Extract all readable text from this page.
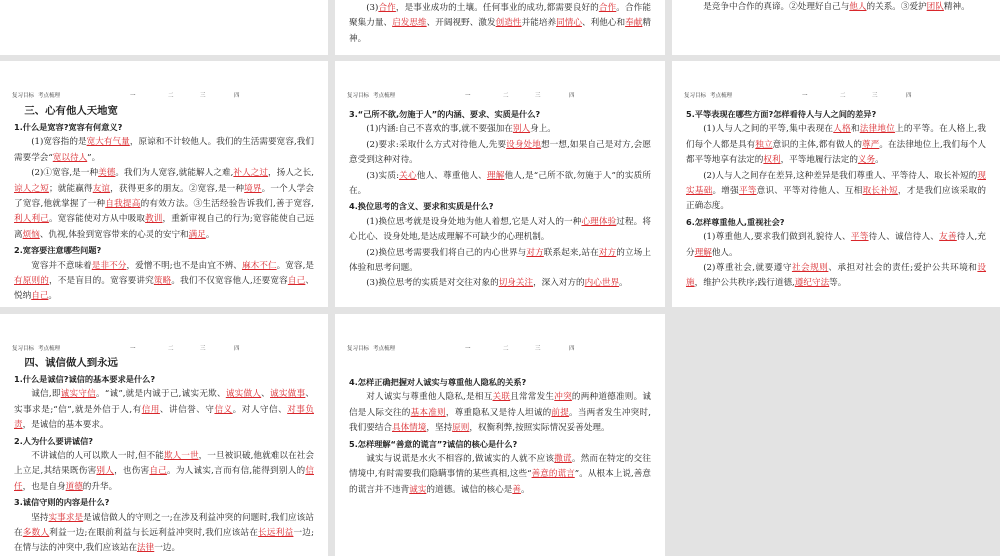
(3)合作，是事业成功的土壤。任何事业的成功,都需要良好的合作。合作能聚集力量、启发思维、开阔视野、激发创造性并能培养同情心、利他心和奉献精神。

是竞争中合作的真谛。②处理好自己与他人的关系。③爱护团队精神。

复习目标 考点梳理	一	二	三	四

三、心有他人天地宽

1.什么是宽容?宽容有何意义?

(1)宽容指的是宽大有气量，原谅和不计较他人。我们的生活需要宽容,我们需要学会“宽以待人”。

(2)①宽容,是一种美德。我们为人宽容,就能解人之难,补人之过，扬人之长,谅人之短；就能赢得友谊，获得更多的朋友。②宽容,是一种境界。一个人学会了宽容,他就掌握了一种自我提高的有效方法。③生活经验告诉我们,善于宽容,利人利己。宽容能使对方从中吸取教训，重新审视自己的行为;宽容能使自己远离烦恼、仇视,体验到宽容带来的心灵的安宁和满足。

2.宽容要注意哪些问题?

宽容并不意味着是非不分，爱憎不明;也不是由宜不辨、麻木不仁。宽容,是有原则的，不是盲目的。宽容要讲究策略。我们不仅宽容他人,还要宽容自己、悦纳自己。

复习目标 考点梳理	一	二	三	四

3.“己所不欲,勿施于人”的内涵、要求、实质是什么?

(1)内涵:自己不喜欢的事,就不要强加在别人身上。

(2)要求:采取什么方式对待他人,先要设身处地想一想,如果自己是对方,会愿意受到这种对待。

(3)实质:关心他人、尊重他人、理解他人,是“己所不欲,勿施于人”的实质所在。

4.换位思考的含义、要求和实质是什么?

(1)换位思考就是设身处地为他人着想,它是人对人的一种心理体验过程。将心比心、设身处地,是达成理解不可缺少的心理机制。

(2)换位思考需要我们将自己的内心世界与对方联系起来,站在对方的立场上体验和思考问题。

(3)换位思考的实质是对交往对象的切身关注，深入对方的内心世界。

复习目标 考点梳理	一	二	三	四

5.平等表现在哪些方面?怎样看待人与人之间的差异?

(1)人与人之间的平等,集中表现在人格和法律地位上的平等。在人格上,我们每个人都是具有独立意识的主体,都有做人的尊严。在法律地位上,我们每个人都平等地享有法定的权利，平等地履行法定的义务。

(2)人与人之间存在差异,这种差异是我们尊重人、平等待人、取长补短的现实基础。增强平等意识、平等对待他人、互相取长补短，才是我们应该采取的正确态度。

6.怎样尊重他人,重视社会?

(1)尊重他人,要求我们做到礼貌待人、平等待人、诚信待人、友善待人,充分理解他人。

(2)尊重社会,就要遵守社会规则、承担对社会的责任;爱护公共环境和设施，维护公共秩序;践行道德,遵纪守法等。

复习目标 考点梳理	一	二	三	四

四、诚信做人到永远

1.什么是诚信?诚信的基本要求是什么?

诚信,即诚实守信。“诚”,就是内诚于己,诚实无欺、诚实做人、诚实做事、实事求是;“信”,就是外信于人,有信用、讲信誉、守信义。对人守信、对事负责，是诚信的基本要求。

2.人为什么要讲诚信?

不讲诚信的人可以欺人一时,但不能欺人一世，一旦被识破,他就难以在社会上立足,其结果既伤害别人，也伤害自己。为人诚实,言而有信,能得到别人的信任，也是自身道德的升华。

3.诚信守则的内容是什么?

坚持实事求是是诚信做人的守则之一;在涉及利益冲突的问题时,我们应该站在多数人利益一边;在眼前利益与长远利益冲突时,我们应该站在长远利益一边;在情与法的冲突中,我们应该站在法律一边。

复习目标 考点梳理	一	二	三	四

4.怎样正确把握对人诚实与尊重他人隐私的关系?

对人诚实与尊重他人隐私,是相互关联且常常发生冲突的两种道德准则。诚信是人际交往的基本准则，尊重隐私又是待人坦诚的前提。当两者发生冲突时,我们要结合具体情境，坚持原则，权衡利弊,按照实际情况妥善处理。

5.怎样理解“善意的谎言”?诚信的核心是什么?

诚实与说谎是水火不相容的,做诚实的人就不应该撒谎。然而在特定的交往情境中,有时需要我们隐瞒事情的某些真相,这些“善意的谎言”。从根本上说,善意的谎言并不违背诚实的道德。诚信的核心是善。
